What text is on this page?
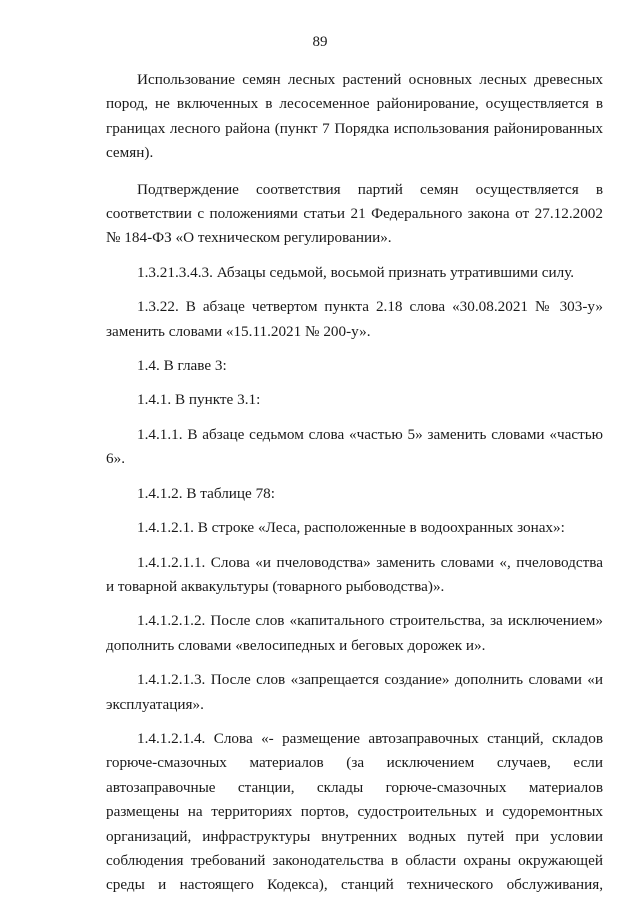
89

Использование семян лесных растений основных лесных древесных пород, не включенных в лесосеменное районирование, осуществляется в границах лесного района (пункт 7 Порядка использования районированных семян).

Подтверждение соответствия партий семян осуществляется в соответствии с положениями статьи 21 Федерального закона от 27.12.2002 № 184-ФЗ «О техническом регулировании».

1.3.21.3.4.3. Абзацы седьмой, восьмой признать утратившими силу.

1.3.22. В абзаце четвертом пункта 2.18 слова «30.08.2021 № 303-у» заменить словами «15.11.2021 № 200-у».

1.4. В главе 3:

1.4.1. В пункте 3.1:

1.4.1.1. В абзаце седьмом слова «частью 5» заменить словами «частью 6».

1.4.1.2. В таблице 78:

1.4.1.2.1. В строке «Леса, расположенные в водоохранных зонах»:

1.4.1.2.1.1. Слова «и пчеловодства» заменить словами «, пчеловодства и товарной аквакультуры (товарного рыбоводства)».

1.4.1.2.1.2. После слов «капитального строительства, за исключением» дополнить словами «велосипедных и беговых дорожек и».

1.4.1.2.1.3. После слов «запрещается создание» дополнить словами «и эксплуатация».

1.4.1.2.1.4. Слова «- размещение автозаправочных станций, складов горюче-смазочных материалов (за исключением случаев, если автозаправочные станции, склады горюче-смазочных материалов размещены на территориях портов, судостроительных и судоремонтных организаций, инфраструктуры внутренних водных путей при условии соблюдения требований законодательства в области охраны окружающей среды и настоящего Кодекса), станций технического обслуживания,
